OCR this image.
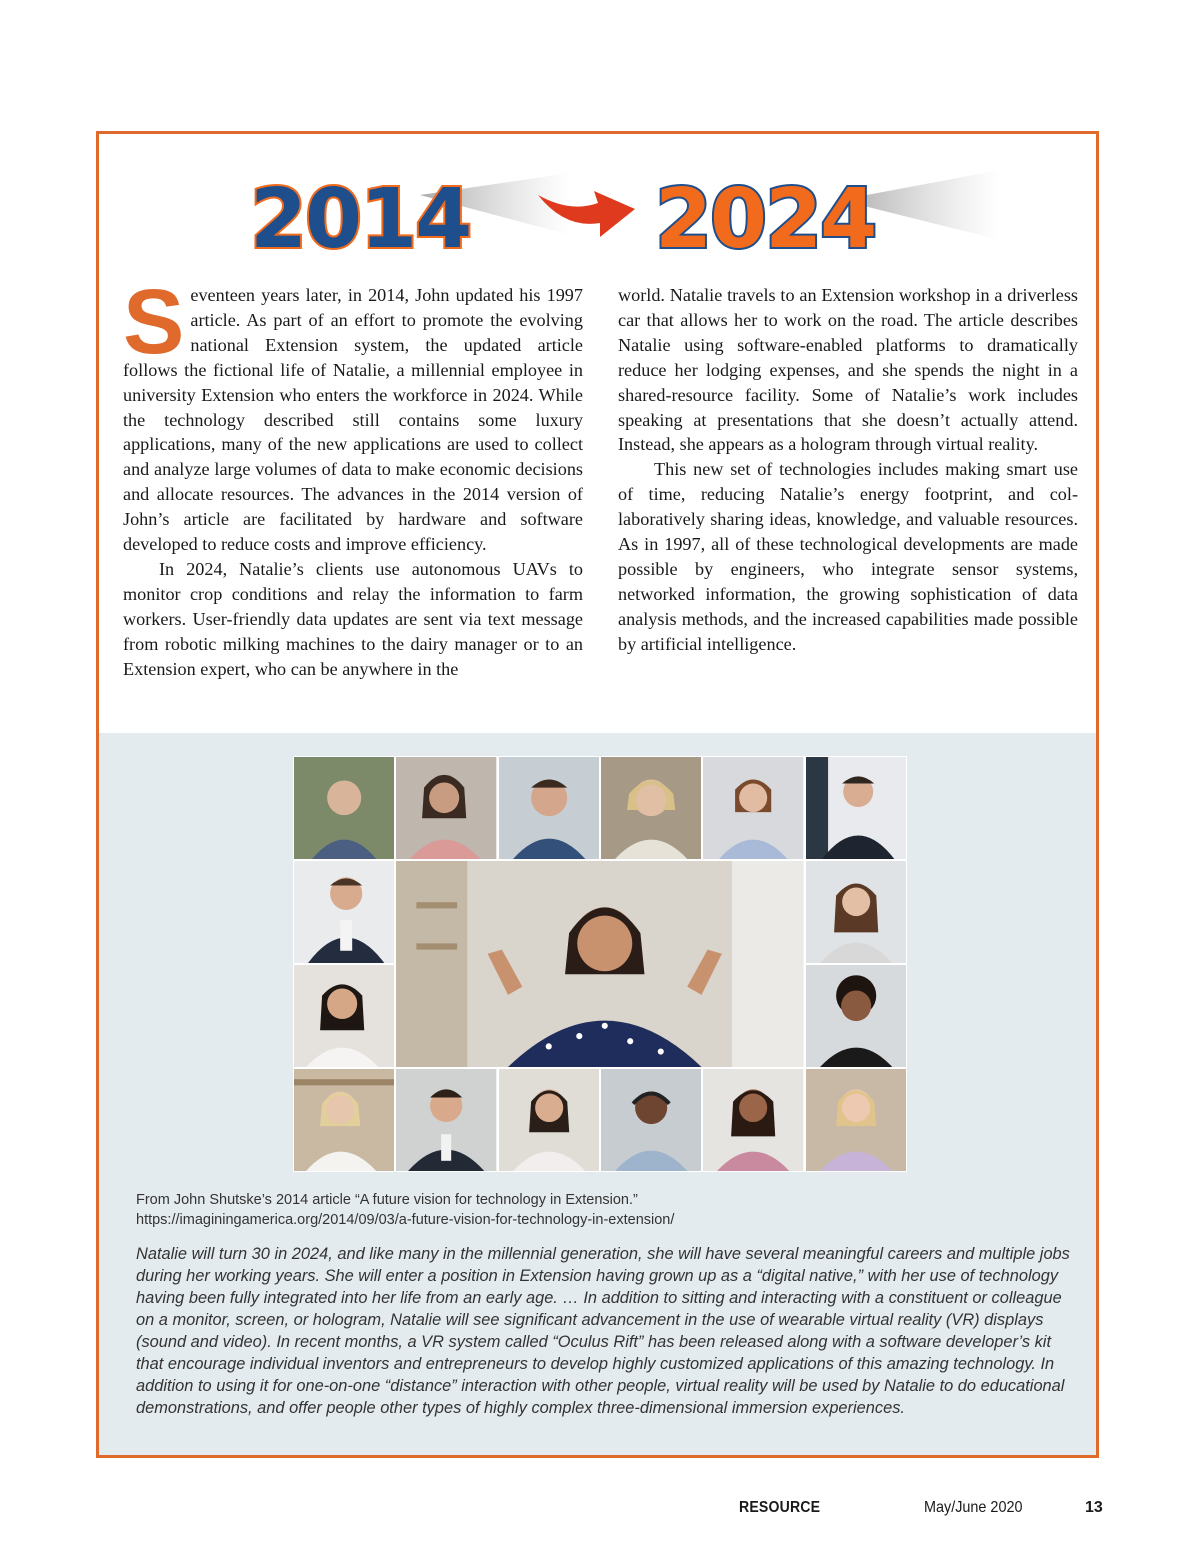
2014 2024

Seventeen years later, in 2014, John updated his 1997 article. As part of an effort to promote the evolving national Extension system, the updated article follows the fictional life of Natalie, a millennial employee in university Extension who enters the workforce in 2024. While the technology described still contains some luxury applications, many of the new applications are used to collect and analyze large volumes of data to make economic decisions and allocate resources. The advances in the 2014 version of John’s article are facilitated by hardware and software developed to reduce costs and improve efficiency.

In 2024, Natalie’s clients use autonomous UAVs to monitor crop conditions and relay the information to farm workers. User-friendly data updates are sent via text message from robotic milking machines to the dairy manager or to an Extension expert, who can be anywhere in the

world. Natalie travels to an Extension workshop in a driverless car that allows her to work on the road. The article describes Natalie using software-enabled platforms to dramatically reduce her lodging expenses, and she spends the night in a shared-resource facility. Some of Natalie’s work includes speaking at presentations that she doesn’t actually attend. Instead, she appears as a hologram through virtual reality.

This new set of technologies includes making smart use of time, reducing Natalie’s energy footprint, and collaboratively sharing ideas, knowledge, and valuable resources. As in 1997, all of these technological developments are made possible by engineers, who integrate sensor systems, networked information, the growing sophistication of data analysis methods, and the increased capabilities made possible by artificial intelligence.

From John Shutske’s 2014 article “A future vision for technology in Extension.”
https://imaginingamerica.org/2014/09/03/a-future-vision-for-technology-in-extension/
Natalie will turn 30 in 2024, and like many in the millennial generation, she will have several meaningful careers and multiple jobs during her working years. She will enter a position in Extension having grown up as a “digital native,” with her use of technology having been fully integrated into her life from an early age. … In addition to sitting and interacting with a constituent or colleague on a monitor, screen, or hologram, Natalie will see significant advancement in the use of wearable virtual reality (VR) displays (sound and video). In recent months, a VR system called “Oculus Rift” has been released along with a software developer’s kit that encourage individual inventors and entrepreneurs to develop highly customized applications of this amazing technology. In addition to using it for one-on-one “distance” interaction with other people, virtual reality will be used by Natalie to do educational demonstrations, and offer people other types of highly complex three-dimensional immersion experiences.
RESOURCE	May/June 2020	13
